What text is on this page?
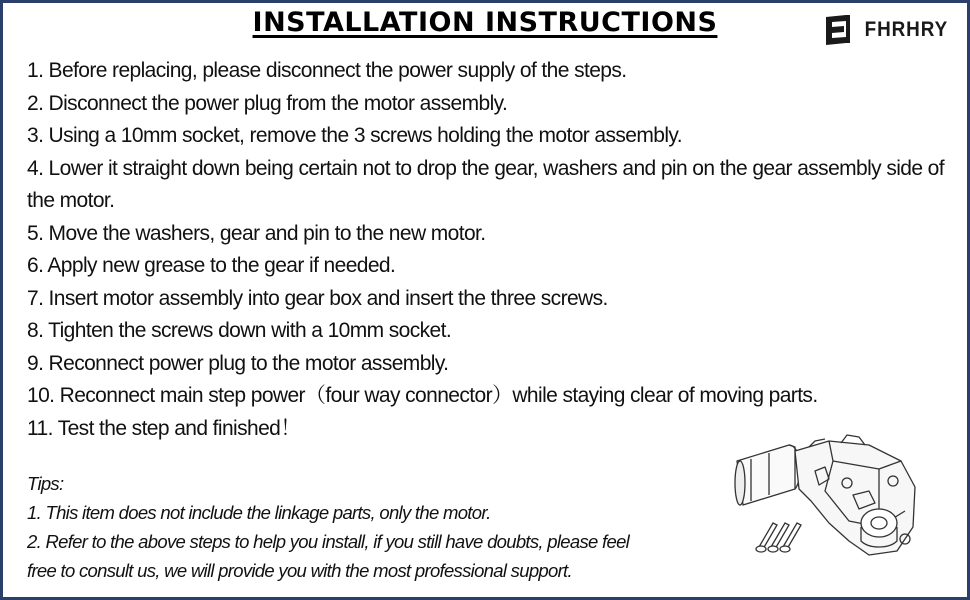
INSTALLATION INSTRUCTIONS	FHRHRY
1. Before replacing, please disconnect the power supply of the steps.
2. Disconnect the power plug from the motor assembly.
3. Using a 10mm socket, remove the 3 screws holding the motor assembly.
4. Lower it straight down being certain not to drop the gear, washers and pin on the gear assembly side of the motor.
5. Move the washers, gear and pin to the new motor.
6. Apply new grease to the gear if needed.
7. Insert motor assembly into gear box and insert the three screws.
8. Tighten the screws down with a 10mm socket.
9. Reconnect power plug to the motor assembly.
10. Reconnect main step power（four way connector）while staying clear of moving parts.
11. Test the step and finished！
Tips:
1. This item does not include the linkage parts, only the motor.
2. Refer to the above steps to help you install, if you still have doubts, please feel
free to consult us, we will provide you with the most professional support.
